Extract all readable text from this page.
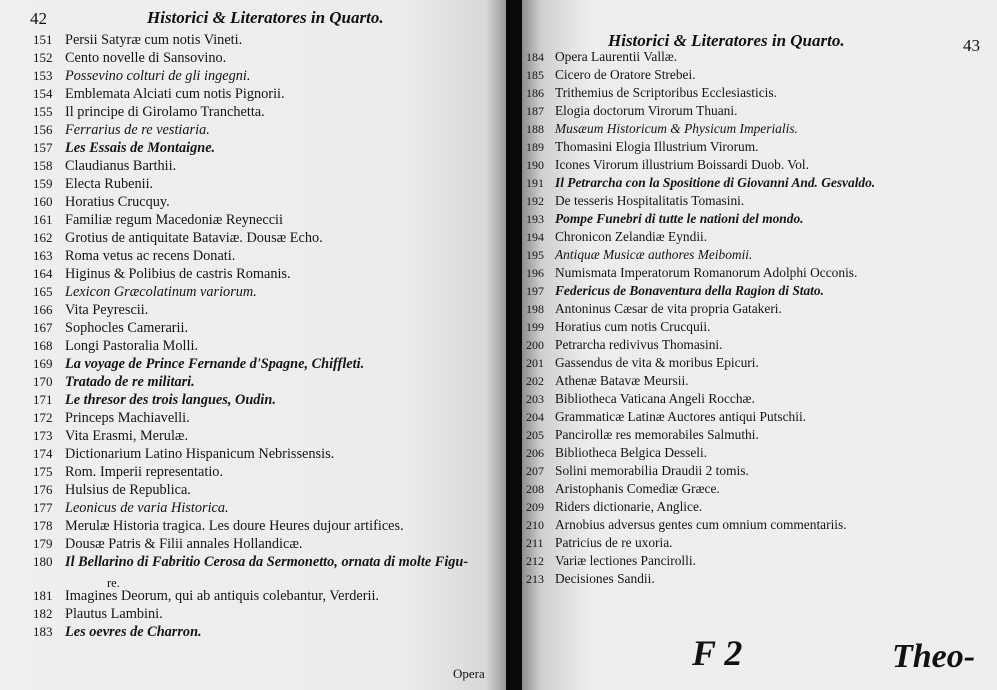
42	Historici & Literatores in Quarto.
151 Persii Satyræ cum notis Vineti.
152 Cento novelle di Sansovino.
153 Possevino colturi de gli ingegni.
154 Emblemata Alciati cum notis Pignorii.
155 Il principe di Girolamo Tranchetta.
156 Ferrarius de re vestiaria.
157 Les Essais de Montaigne.
158 Claudianus Barthii.
159 Electa Rubenii.
160 Horatius Crucquy.
161 Familiæ regum Macedoniæ Reyneccii
162 Grotius de antiquitate Bataviæ. Dousæ Echo.
163 Roma vetus ac recens Donati.
164 Higinus & Polibius de castris Romanis.
165 Lexicon Græcolatinum variorum.
166 Vita Peyrescii.
167 Sophocles Camerarii.
168 Longi Pastoralia Molli.
169 La voyage de Prince Fernande d'Spagne, Chiffleti.
170 Tratado de re militari.
171 Le thresor des trois langues, Oudin.
172 Princeps Machiavelli.
173 Vita Erasmi, Merulæ.
174 Dictionarium Latino Hispanicum Nebrissensis.
175 Rom. Imperii representatio.
176 Hulsius de Republica.
177 Leonicus de varia Historica.
178 Merulæ Historia tragica. Les doure Heures dujour artifices.
179 Dousæ Patris & Filii annales Hollandicæ.
180 Il Bellarino di Fabritio Cerosa da Sermonetto, ornata di molte Figu-
181 Imagines Deorum, qui ab antiquis colebantur, Verderii.
182 Plautus Lambini.
183 Les oevres de Charron.
re.
Opera
Historici & Literatores in Quarto.	43
184 Opera Laurentii Vallæ.
185 Cicero de Oratore Strebei.
186 Trithemius de Scriptoribus Ecclesiasticis.
187 Elogia doctorum Virorum Thuani.
188 Musæum Historicum & Physicum Imperialis.
189 Thomasini Elogia Illustrium Virorum.
190 Icones Virorum illustrium Boissardi Duob. Vol.
191 Il Petrarcha con la Spositione di Giovanni And. Gesvaldo.
192 De tesseris Hospitalitatis Tomasini.
193 Pompe Funebri di tutte le nationi del mondo.
194 Chronicon Zelandiæ Eyndii.
195 Antiquæ Musicæ authores Meibomii.
196 Numismata Imperatorum Romanorum Adolphi Occonis.
197 Federicus de Bonaventura della Ragion di Stato.
198 Antoninus Cæsar de vita propria Gatakeri.
199 Horatius cum notis Crucquii.
200 Petrarcha redivivus Thomasini.
201 Gassendus de vita & moribus Epicuri.
202 Athenæ Batavæ Meursii.
203 Bibliotheca Vaticana Angeli Rocchæ.
204 Grammaticæ Latinæ Auctores antiqui Putschii.
205 Pancirollæ res memorabiles Salmuthi.
206 Bibliotheca Belgica Desseli.
207 Solini memorabilia Draudii 2 tomis.
208 Aristophanis Comediæ Græce.
209 Riders dictionarie, Anglice.
210 Arnobius adversus gentes cum omnium commentariis.
211 Patricius de re uxoria.
212 Variæ lectiones Pancirolli.
213 Decisiones Sandii.
F 2	Theo-
